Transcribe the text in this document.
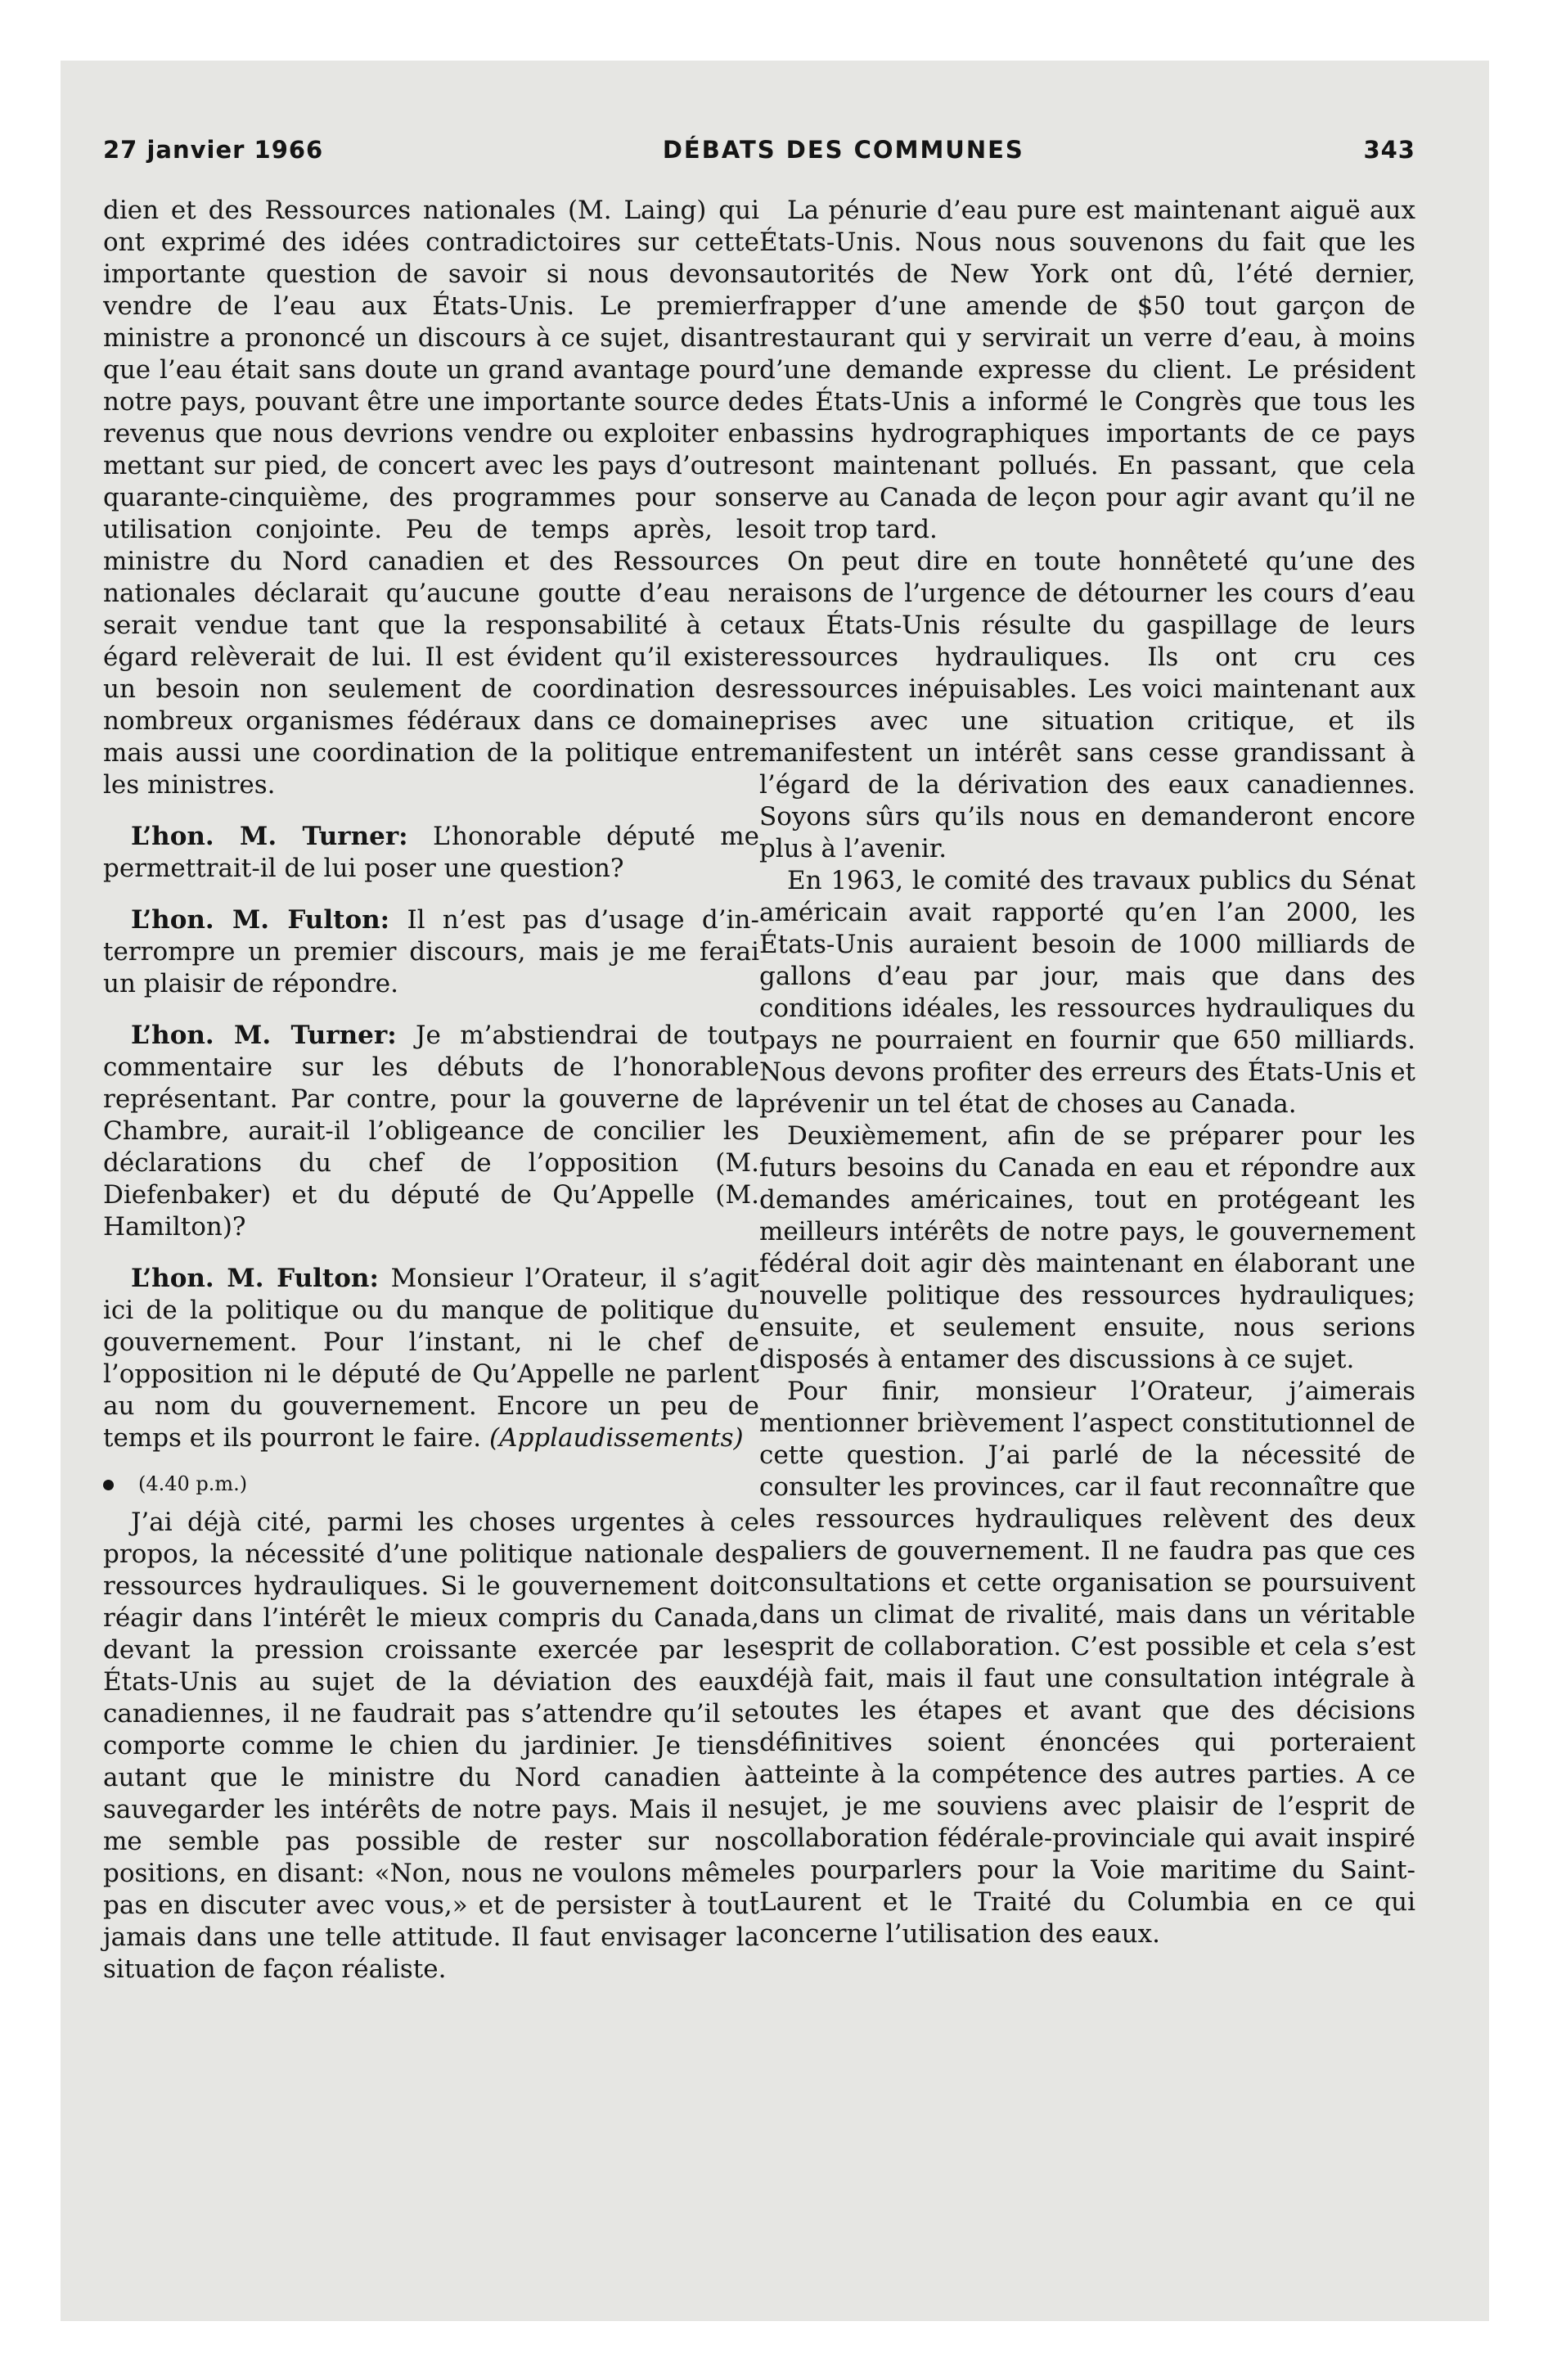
27 janvier 1966	DÉBATS DES COMMUNES	343

dien et des Ressources nationales (M. Laing) qui ont exprimé des idées contradictoires sur cette importante question de savoir si nous devons vendre de l’eau aux États-Unis. Le premier ministre a prononcé un discours à ce sujet, disant que l’eau était sans doute un grand avantage pour notre pays, pouvant être une importante source de revenus que nous devrions vendre ou exploiter en mettant sur pied, de concert avec les pays d’outre quarante-cinquième, des programmes pour son utilisation conjointe. Peu de temps après, le ministre du Nord canadien et des Ressources nationales déclarait qu’aucune goutte d’eau ne serait vendue tant que la responsabilité à cet égard relèverait de lui. Il est évident qu’il existe un besoin non seulement de coordination des nombreux organismes fédéraux dans ce domaine mais aussi une coordination de la politique entre les ministres.

L’hon. M. Turner: L’honorable député me permettrait-il de lui poser une question?

L’hon. M. Fulton: Il n’est pas d’usage d’interrompre un premier discours, mais je me ferai un plaisir de répondre.

L’hon. M. Turner: Je m’abstiendrai de tout commentaire sur les débuts de l’honorable représentant. Par contre, pour la gouverne de la Chambre, aurait-il l’obligeance de concilier les déclarations du chef de l’opposition (M. Diefenbaker) et du député de Qu’Appelle (M. Hamilton)?

L’hon. M. Fulton: Monsieur l’Orateur, il s’agit ici de la politique ou du manque de politique du gouvernement. Pour l’instant, ni le chef de l’opposition ni le député de Qu’Appelle ne parlent au nom du gouvernement. Encore un peu de temps et ils pourront le faire. (Applaudissements)

(4.40 p.m.)

J’ai déjà cité, parmi les choses urgentes à ce propos, la nécessité d’une politique nationale des ressources hydrauliques. Si le gouvernement doit réagir dans l’intérêt le mieux compris du Canada, devant la pression croissante exercée par les États-Unis au sujet de la déviation des eaux canadiennes, il ne faudrait pas s’attendre qu’il se comporte comme le chien du jardinier. Je tiens autant que le ministre du Nord canadien à sauvegarder les intérêts de notre pays. Mais il ne me semble pas possible de rester sur nos positions, en disant: «Non, nous ne voulons même pas en discuter avec vous,» et de persister à tout jamais dans une telle attitude. Il faut envisager la situation de façon réaliste.

La pénurie d’eau pure est maintenant aiguë aux États-Unis. Nous nous souvenons du fait que les autorités de New York ont dû, l’été dernier, frapper d’une amende de $50 tout garçon de restaurant qui y servirait un verre d’eau, à moins d’une demande expresse du client. Le président des États-Unis a informé le Congrès que tous les bassins hydrographiques importants de ce pays sont maintenant pollués. En passant, que cela serve au Canada de leçon pour agir avant qu’il ne soit trop tard.

On peut dire en toute honnêteté qu’une des raisons de l’urgence de détourner les cours d’eau aux États-Unis résulte du gaspillage de leurs ressources hydrauliques. Ils ont cru ces ressources inépuisables. Les voici maintenant aux prises avec une situation critique, et ils manifestent un intérêt sans cesse grandissant à l’égard de la dérivation des eaux canadiennes. Soyons sûrs qu’ils nous en demanderont encore plus à l’avenir.

En 1963, le comité des travaux publics du Sénat américain avait rapporté qu’en l’an 2000, les États-Unis auraient besoin de 1000 milliards de gallons d’eau par jour, mais que dans des conditions idéales, les ressources hydrauliques du pays ne pourraient en fournir que 650 milliards. Nous devons profiter des erreurs des États-Unis et prévenir un tel état de choses au Canada.

Deuxièmement, afin de se préparer pour les futurs besoins du Canada en eau et répondre aux demandes américaines, tout en protégeant les meilleurs intérêts de notre pays, le gouvernement fédéral doit agir dès maintenant en élaborant une nouvelle politique des ressources hydrauliques; ensuite, et seulement ensuite, nous serions disposés à entamer des discussions à ce sujet.

Pour finir, monsieur l’Orateur, j’aimerais mentionner brièvement l’aspect constitutionnel de cette question. J’ai parlé de la nécessité de consulter les provinces, car il faut reconnaître que les ressources hydrauliques relèvent des deux paliers de gouvernement. Il ne faudra pas que ces consultations et cette organisation se poursuivent dans un climat de rivalité, mais dans un véritable esprit de collaboration. C’est possible et cela s’est déjà fait, mais il faut une consultation intégrale à toutes les étapes et avant que des décisions définitives soient énoncées qui porteraient atteinte à la compétence des autres parties. A ce sujet, je me souviens avec plaisir de l’esprit de collaboration fédérale-provinciale qui avait inspiré les pourparlers pour la Voie maritime du Saint-Laurent et le Traité du Columbia en ce qui concerne l’utilisation des eaux.
